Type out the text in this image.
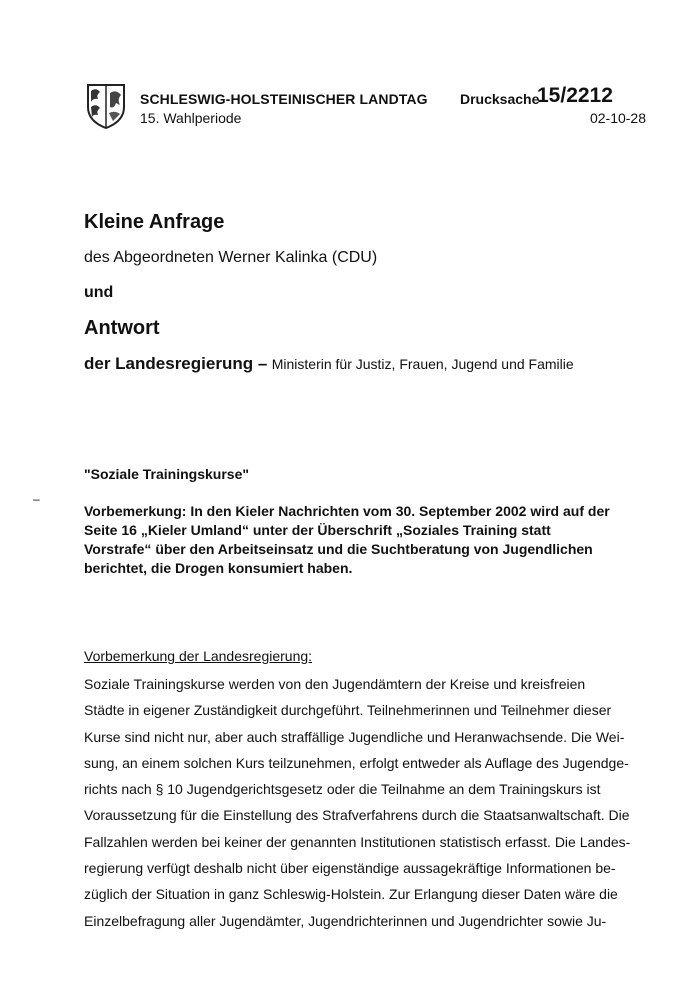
SCHLESWIG-HOLSTEINISCHER LANDTAG
15. Wahlperiode
Drucksache
15/2212
02-10-28
Kleine Anfrage
des Abgeordneten Werner Kalinka (CDU)
und
Antwort
der Landesregierung – Ministerin für Justiz, Frauen, Jugend und Familie
"Soziale Trainingskurse"
–
Vorbemerkung: In den Kieler Nachrichten vom 30. September 2002 wird auf der
Seite 16 „Kieler Umland“ unter der Überschrift „Soziales Training statt
Vorstrafe“ über den Arbeitseinsatz und die Suchtberatung von Jugendlichen
berichtet, die Drogen konsumiert haben.
Vorbemerkung der Landesregierung:
Soziale Trainingskurse werden von den Jugendämtern der Kreise und kreisfreien
Städte in eigener Zuständigkeit durchgeführt. Teilnehmerinnen und Teilnehmer dieser
Kurse sind nicht nur, aber auch straffällige Jugendliche und Heranwachsende. Die Wei-
sung, an einem solchen Kurs teilzunehmen, erfolgt entweder als Auflage des Jugendge-
richts nach § 10 Jugendgerichtsgesetz oder die Teilnahme an dem Trainingskurs ist
Voraussetzung für die Einstellung des Strafverfahrens durch die Staatsanwaltschaft. Die
Fallzahlen werden bei keiner der genannten Institutionen statistisch erfasst. Die Landes-
regierung verfügt deshalb nicht über eigenständige aussagekräftige Informationen be-
züglich der Situation in ganz Schleswig-Holstein. Zur Erlangung dieser Daten wäre die
Einzelbefragung aller Jugendämter, Jugendrichterinnen und Jugendrichter sowie Ju-
